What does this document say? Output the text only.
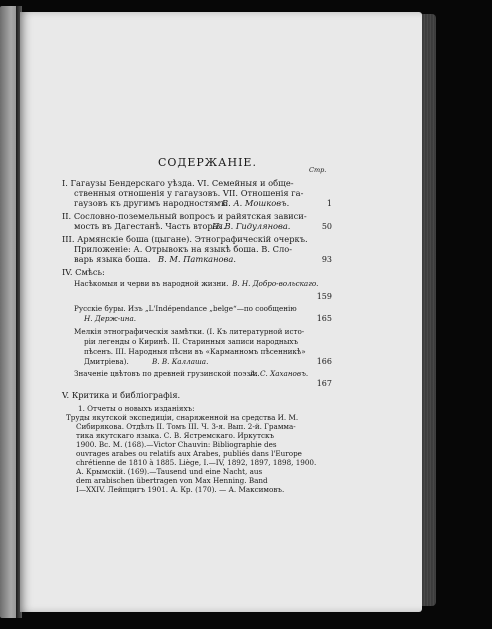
СОДЕРЖАНІЕ.
Стр.
I. Гагаузы Бендерскаго уѣзда. VI. Семейныя и обще-
ственныя отношенія у гагаузовъ. VII. Отношенія га-
гаузовъ къ другимъ народностямъ.
В. А. Мошковъ.	1
II. Сословно-поземельный вопросъ и райятская зависи-
мость въ Дагестанѣ. Часть вторая.
П. В. Гидулянова.	50
III. Армянскіе боша (цыгане). Этнографическій очеркъ.
Приложеніе: А. Отрывокъ на языкѣ боша. В. Сло-
варь языка боша. В. М. Патканова.	93
IV. Смѣсь:
Насѣкомыя и черви въ народной жизни. В. Н. Добро-вольскаго.
159
Русскіе буры. Изъ „L'Indépendance „belge“—по сообщенію
Н. Держ-ина.	165
Мелкія этнографическія замѣтки. (I. Къ литературной исто-
ріи легенды о Киринѣ. II. Старинныя записи народныхъ
пѣсенъ. III. Народныя пѣсни въ «Карманномъ пѣсенникѣ»
Дмитріева).	В. В. Каллаша.	166
Значеніе цвѣтовъ по древней грузинской поэзіи.
А. С. Хахановъ.
167
V. Критика и библіографія.
1. Отчеты о новыхъ изданіяхъ:
Труды якутской экспедиціи, снаряженной на средства И. М.
Сибирякова. Отдѣлъ II. Томъ III. Ч. 3-я. Вып. 2-й. Грамма-
тика якутскаго языка. С. В. Ястремскаго. Иркутскъ
1900. Вс. М. (168).—Victor Chauvin: Bibliographie des
ouvrages arabes ou relatifs aux Arabes, publiés dans l'Europe
chrétienne de 1810 à 1885. Liège, I.—IV, 1892, 1897, 1898, 1900.
А. Крымскій. (169).—Tausend und eine Nacht, aus
dem arabischen übertragen von Max Henning. Band
I—XXIV. Лейпцигъ 1901. А. Кр. (170). — А. Максимовъ.
